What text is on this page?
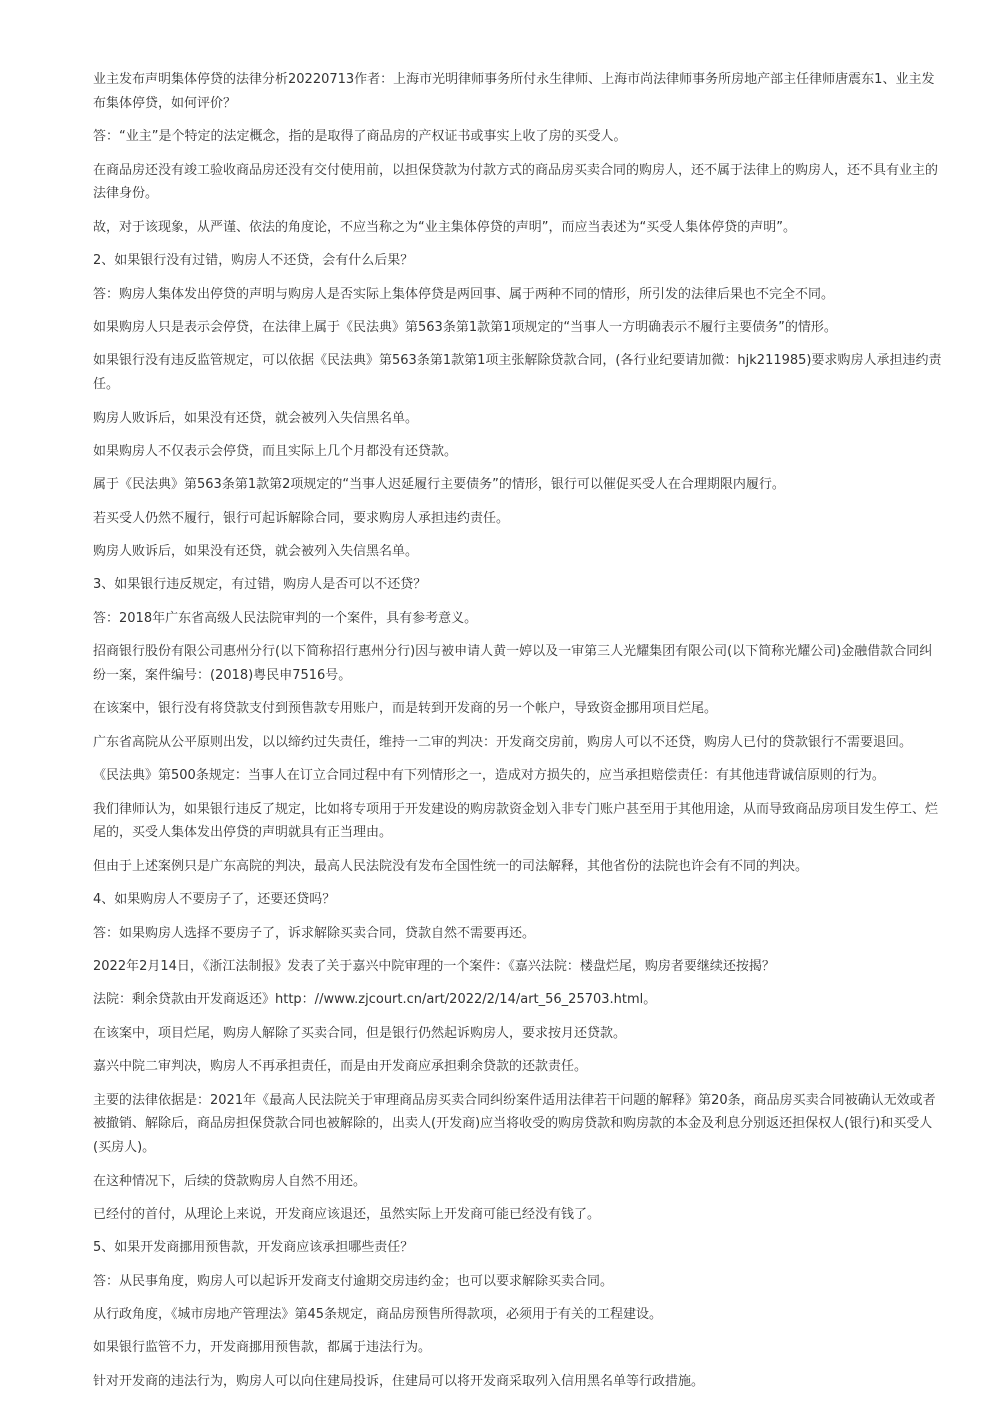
业主发布声明集体停贷的法律分析20220713作者：上海市光明律师事务所付永生律师、上海市尚法律师事务所房地产部主任律师唐震东1、业主发布集体停贷，如何评价？

答：“业主”是个特定的法定概念，指的是取得了商品房的产权证书或事实上收了房的买受人。

在商品房还没有竣工验收商品房还没有交付使用前，以担保贷款为付款方式的商品房买卖合同的购房人，还不属于法律上的购房人，还不具有业主的法律身份。

故，对于该现象，从严谨、依法的角度论，不应当称之为“业主集体停贷的声明”，而应当表述为“买受人集体停贷的声明”。

2、如果银行没有过错，购房人不还贷，会有什么后果？

答：购房人集体发出停贷的声明与购房人是否实际上集体停贷是两回事、属于两种不同的情形，所引发的法律后果也不完全不同。

如果购房人只是表示会停贷，在法律上属于《民法典》第563条第1款第1项规定的“当事人一方明确表示不履行主要债务”的情形。

如果银行没有违反监管规定，可以依据《民法典》第563条第1款第1项主张解除贷款合同，(各行业纪要请加微：hjk211985)要求购房人承担违约责任。

购房人败诉后，如果没有还贷，就会被列入失信黑名单。

如果购房人不仅表示会停贷，而且实际上几个月都没有还贷款。

属于《民法典》第563条第1款第2项规定的“当事人迟延履行主要债务”的情形，银行可以催促买受人在合理期限内履行。

若买受人仍然不履行，银行可起诉解除合同，要求购房人承担违约责任。

购房人败诉后，如果没有还贷，就会被列入失信黑名单。

3、如果银行违反规定，有过错，购房人是否可以不还贷？

答：2018年广东省高级人民法院审判的一个案件，具有参考意义。

招商银行股份有限公司惠州分行(以下简称招行惠州分行)因与被申请人黄一婷以及一审第三人光耀集团有限公司(以下简称光耀公司)金融借款合同纠纷一案，案件编号：(2018)粤民申7516号。

在该案中，银行没有将贷款支付到预售款专用账户，而是转到开发商的另一个帐户，导致资金挪用项目烂尾。

广东省高院从公平原则出发，以以缔约过失责任，维持一二审的判决：开发商交房前，购房人可以不还贷，购房人已付的贷款银行不需要退回。

《民法典》第500条规定：当事人在订立合同过程中有下列情形之一，造成对方损失的，应当承担赔偿责任：有其他违背诚信原则的行为。

我们律师认为，如果银行违反了规定，比如将专项用于开发建设的购房款资金划入非专门账户甚至用于其他用途，从而导致商品房项目发生停工、烂尾的，买受人集体发出停贷的声明就具有正当理由。

但由于上述案例只是广东高院的判决，最高人民法院没有发布全国性统一的司法解释，其他省份的法院也许会有不同的判决。

4、如果购房人不要房子了，还要还贷吗？

答：如果购房人选择不要房子了，诉求解除买卖合同，贷款自然不需要再还。

2022年2月14日，《浙江法制报》发表了关于嘉兴中院审理的一个案件：《嘉兴法院：楼盘烂尾，购房者要继续还按揭？

法院：剩余贷款由开发商返还》http：//www.zjcourt.cn/art/2022/2/14/art_56_25703.html。

在该案中，项目烂尾，购房人解除了买卖合同，但是银行仍然起诉购房人，要求按月还贷款。

嘉兴中院二审判决，购房人不再承担责任，而是由开发商应承担剩余贷款的还款责任。

主要的法律依据是：2021年《最高人民法院关于审理商品房买卖合同纠纷案件适用法律若干问题的解释》第20条，商品房买卖合同被确认无效或者被撤销、解除后，商品房担保贷款合同也被解除的，出卖人(开发商)应当将收受的购房贷款和购房款的本金及利息分别返还担保权人(银行)和买受人(买房人)。

在这种情况下，后续的贷款购房人自然不用还。

已经付的首付，从理论上来说，开发商应该退还，虽然实际上开发商可能已经没有钱了。

5、如果开发商挪用预售款，开发商应该承担哪些责任？

答：从民事角度，购房人可以起诉开发商支付逾期交房违约金；也可以要求解除买卖合同。

从行政角度，《城市房地产管理法》第45条规定，商品房预售所得款项，必须用于有关的工程建设。

如果银行监管不力，开发商挪用预售款，都属于违法行为。

针对开发商的违法行为，购房人可以向住建局投诉，住建局可以将开发商采取列入信用黑名单等行政措施。
